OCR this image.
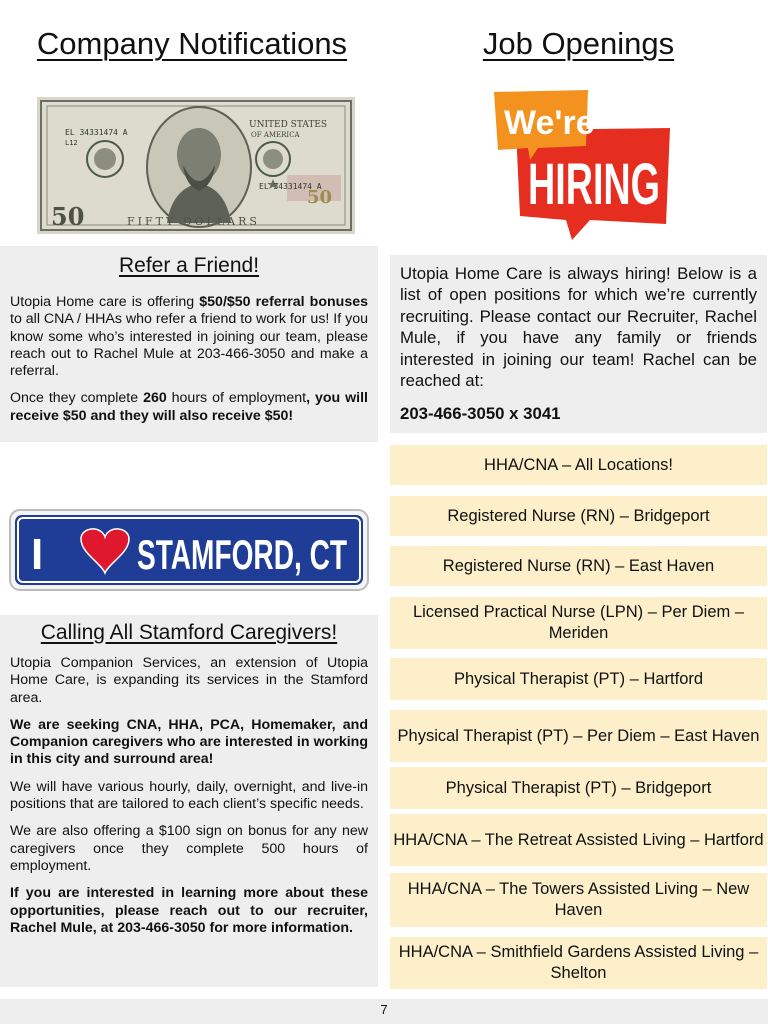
Company Notifications	Job Openings
UNITED STATES
OF AMERICA
EL 34331474 A
L12
EL 34331474 A
50
50
FIFTY DOLLARS
We're
HIRING
Refer a Friend!

Utopia Home care is offering $50/$50 referral bonuses to all CNA / HHAs who refer a friend to work for us! If you know some who’s interested in joining our team, please reach out to Rachel Mule at 203-466-3050 and make a referral.

Once they complete 260 hours of employment, you will receive $50 and they will also receive $50!

I STAMFORD, CT
Calling All Stamford Caregivers!

Utopia Companion Services, an extension of Utopia Home Care, is expanding its services in the Stamford area.

We are seeking CNA, HHA, PCA, Homemaker, and Companion caregivers who are interested in working in this city and surround area!

We will have various hourly, daily, overnight, and live-in positions that are tailored to each client’s specific needs.

We are also offering a $100 sign on bonus for any new caregivers once they complete 500 hours of employment.

If you are interested in learning more about these opportunities, please reach out to our recruiter, Rachel Mule, at 203-466-3050 for more information.

Utopia Home Care is always hiring! Below is a list of open positions for which we’re currently recruiting. Please contact our Recruiter, Rachel Mule, if you have any family or friends interested in joining our team! Rachel can be reached at:
203-466-3050 x 3041
HHA/CNA – All Locations!
Registered Nurse (RN) – Bridgeport
Registered Nurse (RN) – East Haven
Licensed Practical Nurse (LPN) – Per Diem – Meriden
Physical Therapist (PT) – Hartford
Physical Therapist (PT) – Per Diem – East Haven
Physical Therapist (PT) – Bridgeport
HHA/CNA – The Retreat Assisted Living – Hartford
HHA/CNA – The Towers Assisted Living – New Haven
HHA/CNA – Smithfield Gardens Assisted Living – Shelton
7
